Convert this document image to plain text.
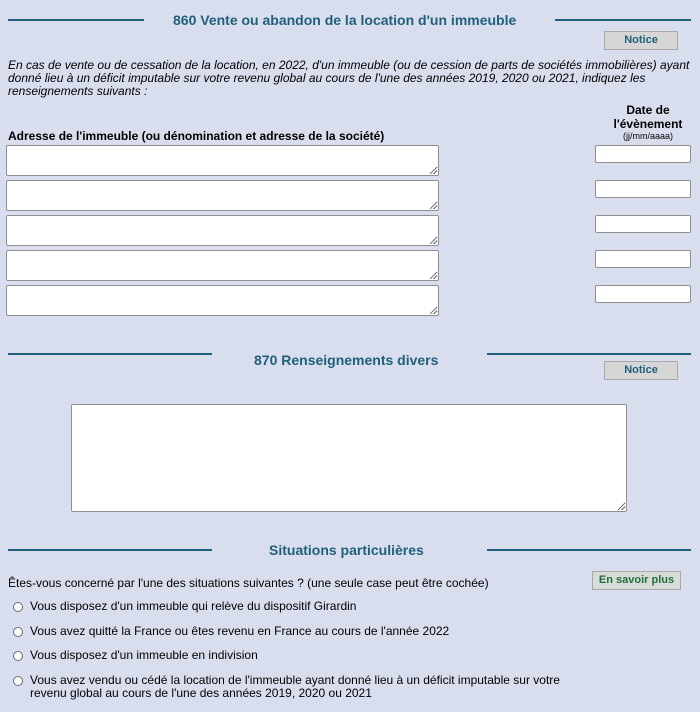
860 Vente ou abandon de la location d'un immeuble
Notice
En cas de vente ou de cessation de la location, en 2022, d'un immeuble (ou de cession de parts de sociétés immobilières) ayant donné lieu à un déficit imputable sur votre revenu global au cours de l'une des années 2019, 2020 ou 2021, indiquez les renseignements suivants :
Adresse de l'immeuble (ou dénomination et adresse de la société)
Date de
l'évènement
(jj/mm/aaaa)
870 Renseignements divers
Notice
Situations particulières
Êtes-vous concerné par l'une des situations suivantes ? (une seule case peut être cochée)	En savoir plus
Vous disposez d'un immeuble qui relève du dispositif Girardin
Vous avez quitté la France ou êtes revenu en France au cours de l'année 2022
Vous disposez d'un immeuble en indivision
Vous avez vendu ou cédé la location de l'immeuble ayant donné lieu à un déficit imputable sur votre revenu global au cours de l'une des années 2019, 2020 ou 2021
